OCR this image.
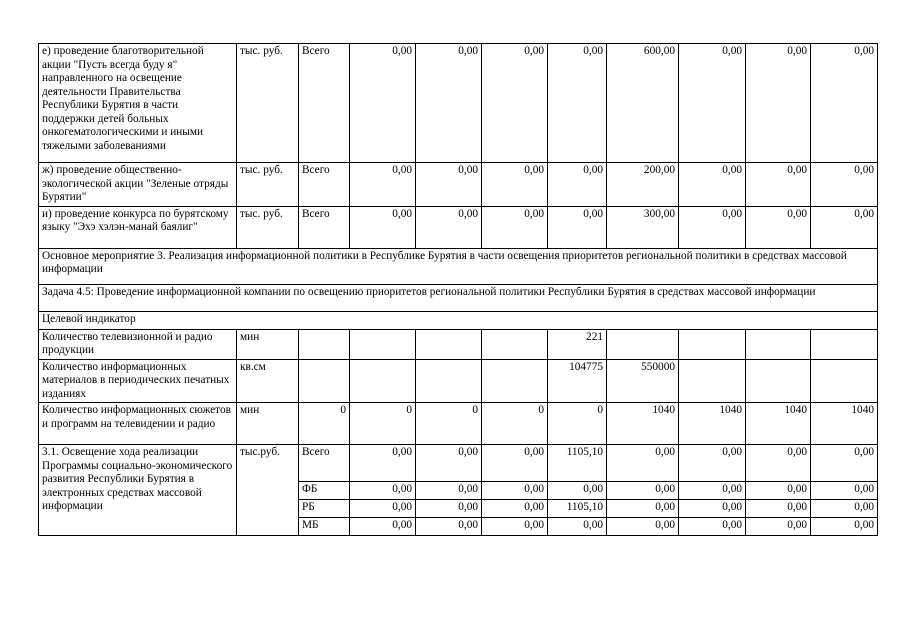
е) проведение благотворительной акции "Пусть всегда буду я" направленного на освещение деятельности Правительства Республики Бурятия в части поддержки детей больных онкогематологическими и иными тяжелыми заболеваниями	тыс. руб.	Всего	0,00	0,00	0,00	0,00	600,00	0,00	0,00	0,00
ж) проведение общественно-экологической акции "Зеленые отряды Бурятии"	тыс. руб.	Всего	0,00	0,00	0,00	0,00	200,00	0,00	0,00	0,00
и) проведение конкурса по бурятскому языку "Эхэ хэлэн-манай баялиг"	тыс. руб.	Всего	0,00	0,00	0,00	0,00	300,00	0,00	0,00	0,00
Основное мероприятие 3. Реализация информационной политики в Республике Бурятия в части освещения приоритетов региональной политики в средствах массовой информации										
Задача 4.5: Проведение информационной компании по освещению приоритетов региональной политики Республики Бурятия в средствах массовой информации										
Целевой индикатор										
Количество телевизионной и радио продукции	мин					221				
Количество информационных материалов в периодических печатных изданиях	кв.см					104775	550000			
Количество информационных сюжетов и программ на телевидении и радио	мин	0	0	0	0	0	1040	1040	1040	1040
3.1. Освещение хода реализации Программы социально-экономического развития Республики Бурятия в электронных средствах массовой информации	тыс.руб.	Всего	0,00	0,00	0,00	1105,10	0,00	0,00	0,00	0,00
		ФБ	0,00	0,00	0,00	0,00	0,00	0,00	0,00	0,00
		РБ	0,00	0,00	0,00	1105,10	0,00	0,00	0,00	0,00
		МБ	0,00	0,00	0,00	0,00	0,00	0,00	0,00	0,00
